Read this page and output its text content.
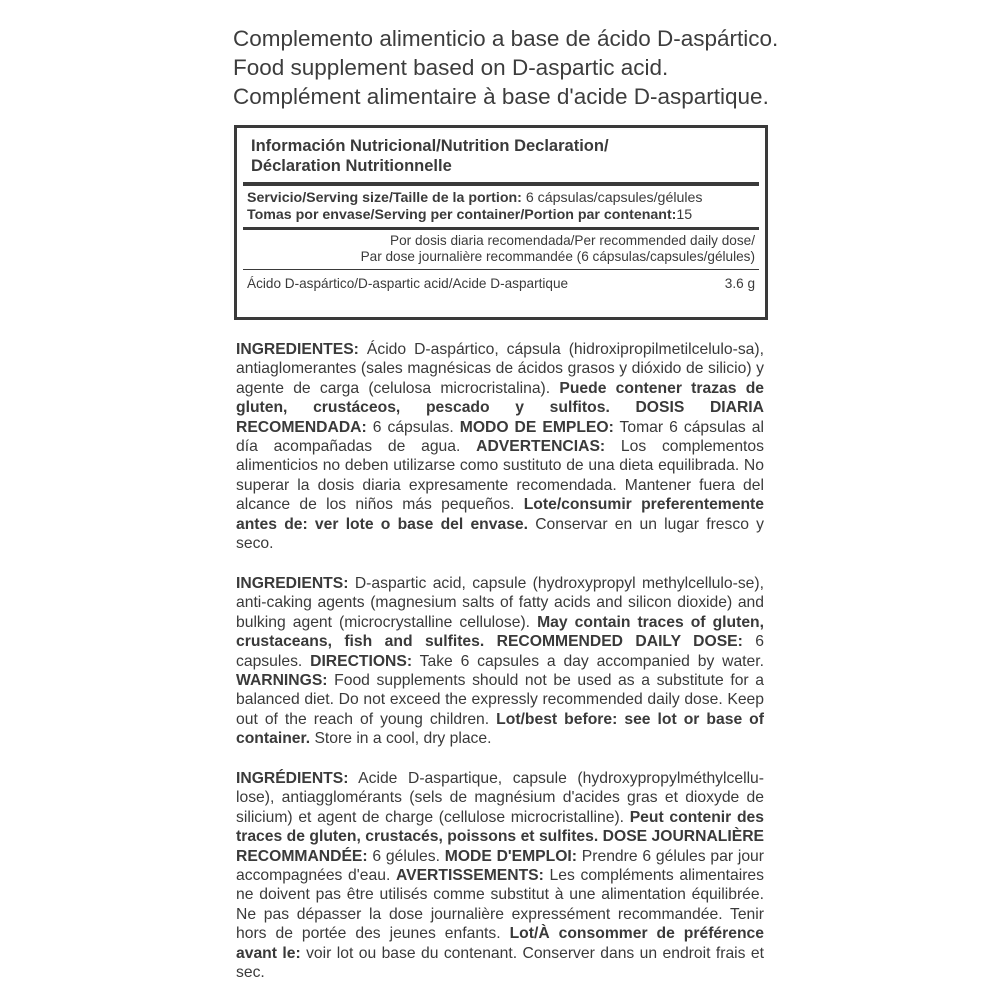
Complemento alimenticio a base de ácido D-aspártico.
Food supplement based on D-aspartic acid.
Complément alimentaire à base d'acide D-aspartique.
Información Nutricional/Nutrition Declaration/
Déclaration Nutritionnelle
Servicio/Serving size/Taille de la portion: 6 cápsulas/capsules/gélules
Tomas por envase/Serving per container/Portion par contenant:15
Por dosis diaria recomendada/Per recommended daily dose/
Par dose journalière recommandée (6 cápsulas/capsules/gélules)
Ácido D-aspártico/D-aspartic acid/Acide D-aspartique	3.6 g
INGREDIENTES: Ácido D-aspártico, cápsula (hidroxipropilmetilcelulo-sa), antiaglomerantes (sales magnésicas de ácidos grasos y dióxido de silicio) y agente de carga (celulosa microcristalina). Puede contener trazas de gluten, crustáceos, pescado y sulfitos. DOSIS DIARIA RECOMENDADA: 6 cápsulas. MODO DE EMPLEO: Tomar 6 cápsulas al día acompañadas de agua. ADVERTENCIAS: Los complementos alimenticios no deben utilizarse como sustituto de una dieta equilibrada. No superar la dosis diaria expresamente recomendada. Mantener fuera del alcance de los niños más pequeños. Lote/consumir preferentemente antes de: ver lote o base del envase. Conservar en un lugar fresco y seco.
INGREDIENTS: D-aspartic acid, capsule (hydroxypropyl methylcellulo-se), anti-caking agents (magnesium salts of fatty acids and silicon dioxide) and bulking agent (microcrystalline cellulose). May contain traces of gluten, crustaceans, fish and sulfites. RECOMMENDED DAILY DOSE: 6 capsules. DIRECTIONS: Take 6 capsules a day accompanied by water. WARNINGS: Food supplements should not be used as a substitute for a balanced diet. Do not exceed the expressly recommended daily dose. Keep out of the reach of young children. Lot/best before: see lot or base of container. Store in a cool, dry place.
INGRÉDIENTS: Acide D-aspartique, capsule (hydroxypropylméthylcellu-lose), antiagglomérants (sels de magnésium d'acides gras et dioxyde de silicium) et agent de charge (cellulose microcristalline). Peut contenir des traces de gluten, crustacés, poissons et sulfites. DOSE JOURNALIÈRE RECOMMANDÉE: 6 gélules. MODE D'EMPLOI: Prendre 6 gélules par jour accompagnées d'eau. AVERTISSEMENTS: Les compléments alimentaires ne doivent pas être utilisés comme substitut à une alimentation équilibrée. Ne pas dépasser la dose journalière expressément recommandée. Tenir hors de portée des jeunes enfants. Lot/À consommer de préférence avant le: voir lot ou base du contenant. Conserver dans un endroit frais et sec.
